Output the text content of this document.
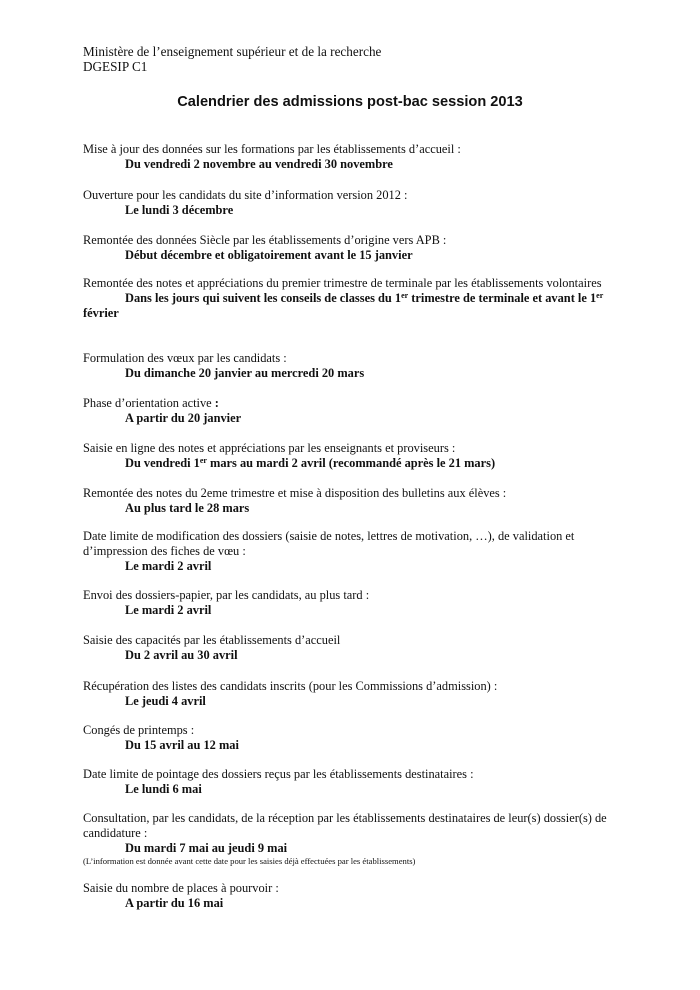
Ministère de l’enseignement supérieur et de la recherche
DGESIP C1
Calendrier des admissions post-bac session 2013
Mise à jour des données sur les formations par les établissements d’accueil :
Du vendredi 2 novembre au vendredi 30 novembre
Ouverture pour les candidats du site d’information version 2012 :
Le lundi 3 décembre
Remontée des données Siècle par les établissements d’origine vers APB :
Début décembre et obligatoirement avant le 15 janvier
Remontée des notes et appréciations du premier trimestre de terminale par les établissements volontaires
Dans les jours qui suivent les conseils de classes du 1er trimestre de terminale et avant le 1er février
Formulation des vœux par les candidats :
Du dimanche 20 janvier au mercredi 20 mars
Phase d’orientation active :
A partir du 20 janvier
Saisie en ligne des notes et appréciations par les enseignants et proviseurs :
Du vendredi 1er mars au mardi 2 avril (recommandé après le 21 mars)
Remontée des notes du 2eme trimestre et mise à disposition des bulletins aux élèves :
Au plus tard le 28 mars
Date limite de modification des dossiers (saisie de notes, lettres de motivation, …), de validation et d’impression des fiches de vœu :
Le mardi 2 avril
Envoi des dossiers-papier, par les candidats, au plus tard :
Le mardi 2 avril
Saisie des capacités par les établissements d’accueil
Du 2 avril au 30 avril
Récupération des listes des candidats inscrits (pour les Commissions d’admission) :
Le jeudi 4 avril
Congés de printemps :
Du 15 avril au 12 mai
Date limite de pointage des dossiers reçus par les établissements destinataires :
Le lundi 6 mai
Consultation, par les candidats, de la réception par les établissements destinataires de leur(s) dossier(s) de candidature :
Du mardi 7 mai au jeudi 9 mai
(L’information est donnée avant cette date pour les saisies déjà effectuées par les établissements)
Saisie du nombre de places à pourvoir :
A partir du 16 mai
